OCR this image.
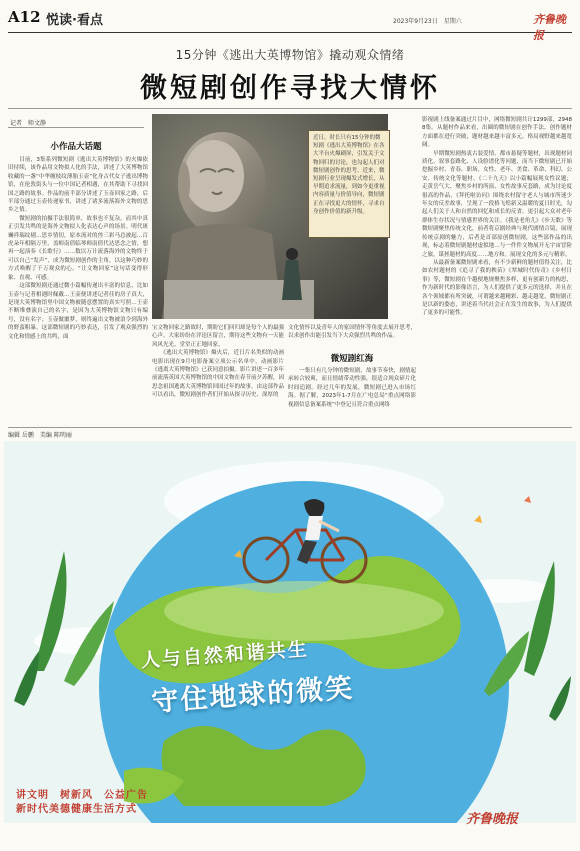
A12 悦读·看点	2023年9月23日　星期六	齐鲁晚报
15分钟《逃出大英博物馆》撬动观众情绪
微短剧创作寻找大情怀
记者　师文静
小作品大话题
　　目前，3集系列微短剧《逃出大英博物馆》的火爆依旧持续，该作品用文物拟人化的手法，讲述了大英博物馆收藏的一盏“中华缠枝纹薄胎玉壶”化身古代女子逃出博物馆，在伦敦街头与一位中国记者相遇，在其帮助下寻找回国之路的故事。作品的前半部分讲述了玉壶回家之路，后半部分通过玉壶传递家书，讲述了诸多流落海外文物的思乡之情。
　　微短剧的拍摄手法很简单，故事也不复杂，而其中真正引发共鸣的是海外文物拟人化表达心声的场景。明代斑斓祥瑞纹剔…思乡情切，原本流对的兽三彩马总被起…百虎朵年相隔万里，盖师南倩临琴师南倩代达思念之情，想再一起演奏《长歌行》……数以万计流落海外的文物终于可以自己“发声”，成为微短剧创作的主角，以这种巧妙的方式唤醒了千万观众的心。“让文物回家”这句话变得形象、直观、可感。
　　这部微短剧还通过微小篇幅传递出丰富的信息，比如玉壶与记者相遇时佩戴…王壶便讲述记者佳的房子真大，是现大英博物馆里中国文物被随意摆置的真实写照…王壶不断堆叠演自己的名字，是因为大英博物馆文物只有编号，没有名字；玉壶做噩梦，则终遍出文物被浪令到海外的野蛮粗暴。这部微短剧的巧妙表达，引发了观众强烈的文化和情感上的共鸣，面
近日，时长只有15分钟的微短剧《逃出大英博物馆》在各大平台火爆刷屏，引发关于文物回归的讨论，也勾起人们对微短剧创作的思考。近来，微短剧行业呈现爆发式增长，从早期追求流量，到如今更重视内容质量与价值导向，微短剧正在寻找更大的情怀，寻求自身创作价值的新升级。
宝文物回家之路故时，期盼它们回归却是每个人的最强心声。大家纷纷在评论区留言，期待这些文物有一天能风风光光、堂堂正正地回家。
　　《逃出大英博物馆》爆火后，近日片名类似的动画电影出现在9月电影备案立项公示名单中，动画影片《逃离大英博物馆》已获同意拍摄。影片讲述一百多年前流落英国大英博物馆的中国文物在春节前夕苏醒，因思念祖国逃离大英博物馆回国过年的故事。由这部作品可以看出，微短剧创作者们开始从探寻历史、深厚的
文化情怀以及青年人的家国情怀等角度去展开思考，以求创作出能引发当下大众强烈共鸣的作品。
微短剧红海
　　一集只有几分钟的微短剧，故事节奏快，剧情起承转合较爽，而且情绪带动性强，很适合现众碎片化时间追剧。经过几年的发展，微短剧已进入市场红海。据了解，2023年1-7月在广电总局“重点网络影视剧信息备案系统”中登记且符合重点网络
影视剧上线备案通过片目中，网络微短剧共计1299部，29488集。从题材作品来看，出圈的微短剧在创作手法、创作题材方面都在进行突破，题材越来越丰富多元，格局视野越来越宽阔。
　　早期微短剧热衷古装爱情、都市悬疑等题材，出现题材同质化、叙事套路化、人设脸谱化等问题，而当下微短剧已开始挖掘乡村、青春、职场、女性、老年、美食、革命、科幻、公安、传统文化等题材。《二十九天》以小篇幅展现女性议题；走黄岳气大、聚焦乡村的所演、女性故事反套路，成为讨论度很高的作品，《拜托啦访问》围绕农村留守老人与城市所迷少年女的反差故事，呈现了一段格飞煌新又温暖的夏日时光，勾起人们关于人和自然的回忆和成长的反省。更引起大众对老年群体生存状况与情感世界的关注。《我是老角儿》《步天歌》等微短剧聚焦传统文化，前者将京剧经典与现代剧情合镜，展现传统京剧的魅力，后者是首部原创微短剧，这些部作品的出现，标志着微短剧题材虚拟地…与一件件文物展开无宇宙冒险之旅，谋拯题材的高度……地方和。展现文化的多元与精彩。
　　从最新备案微短剧来看，有不少新鲜的题材值得关注，比如农村题材的《追寻了我的秧苗》《翠城时代传奇》《乡村日事》等，微短剧在个越便地规聚焦多样，更有创新力的构思，作为新时代的影像语言，为人们提供了更多元的选择，并且在各个领域都有所突破，可谓越来越精彩、越走越宽，微短剧正是以新的姿态，讲述着当代社会正在发生的故事，为人们提供了更多的可能性。
编辑 岳鹏　美编 陈明丽
人与自然和谐共生
守住地球的微笑
讲文明　树新风　公益广告
新时代美德健康生活方式
齐鲁晚报
